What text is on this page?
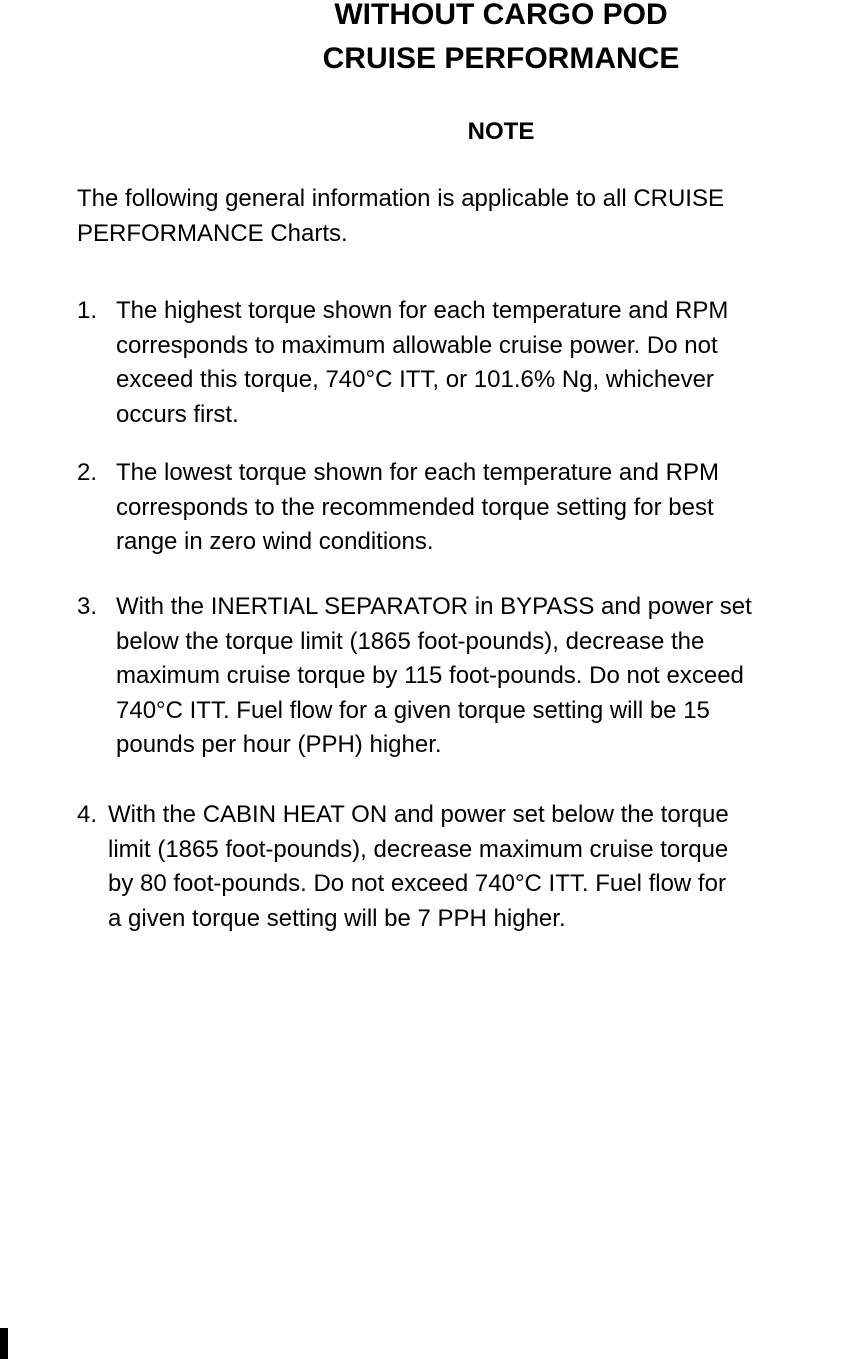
WITHOUT CARGO POD
CRUISE PERFORMANCE
NOTE

The following general information is applicable to all CRUISE PERFORMANCE Charts.

1. The highest torque shown for each temperature and RPM
corresponds to maximum allowable cruise power. Do not
exceed this torque, 740°C ITT, or 101.6% Ng, whichever
occurs first.
2. The lowest torque shown for each temperature and RPM
corresponds to the recommended torque setting for best
range in zero wind conditions.
3. With the INERTIAL SEPARATOR in BYPASS and power set
below the torque limit (1865 foot-pounds), decrease the
maximum cruise torque by 115 foot-pounds. Do not exceed
740°C ITT. Fuel flow for a given torque setting will be 15
pounds per hour (PPH) higher.
4. With the CABIN HEAT ON and power set below the torque
limit (1865 foot-pounds), decrease maximum cruise torque
by 80 foot-pounds. Do not exceed 740°C ITT. Fuel flow for
a given torque setting will be 7 PPH higher.
